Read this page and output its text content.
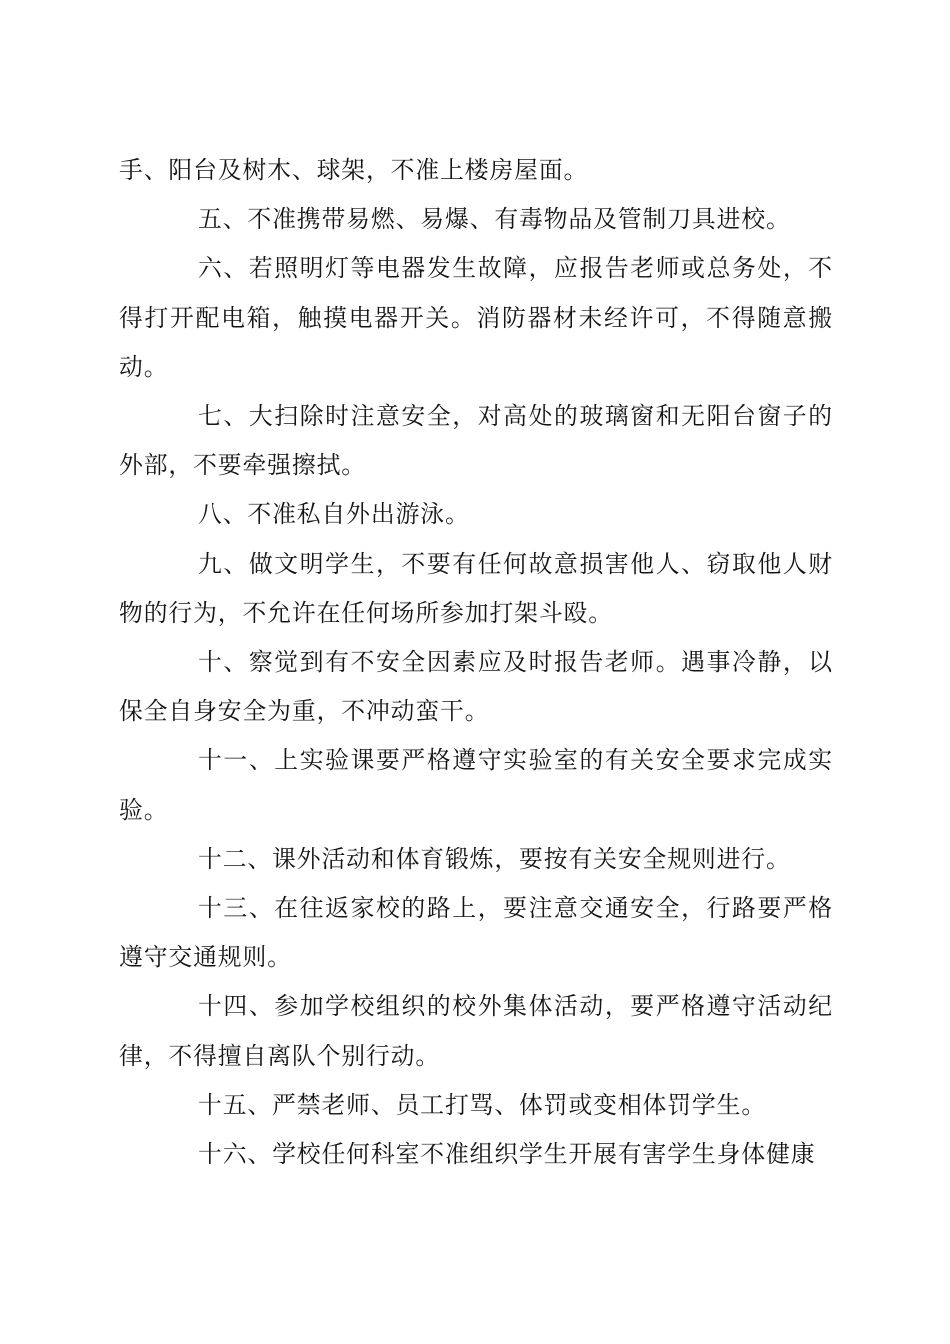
手、阳台及树木、球架，不准上楼房屋面。

五、不准携带易燃、易爆、有毒物品及管制刀具进校。

六、若照明灯等电器发生故障，应报告老师或总务处，不得打开配电箱，触摸电器开关。消防器材未经许可，不得随意搬动。

七、大扫除时注意安全，对高处的玻璃窗和无阳台窗子的外部，不要牵强擦拭。

八、不准私自外出游泳。

九、做文明学生，不要有任何故意损害他人、窃取他人财物的行为，不允许在任何场所参加打架斗殴。

十、察觉到有不安全因素应及时报告老师。遇事冷静，以保全自身安全为重，不冲动蛮干。

十一、上实验课要严格遵守实验室的有关安全要求完成实验。

十二、课外活动和体育锻炼，要按有关安全规则进行。

十三、在往返家校的路上，要注意交通安全，行路要严格遵守交通规则。

十四、参加学校组织的校外集体活动，要严格遵守活动纪律，不得擅自离队个别行动。

十五、严禁老师、员工打骂、体罚或变相体罚学生。

十六、学校任何科室不准组织学生开展有害学生身体健康
